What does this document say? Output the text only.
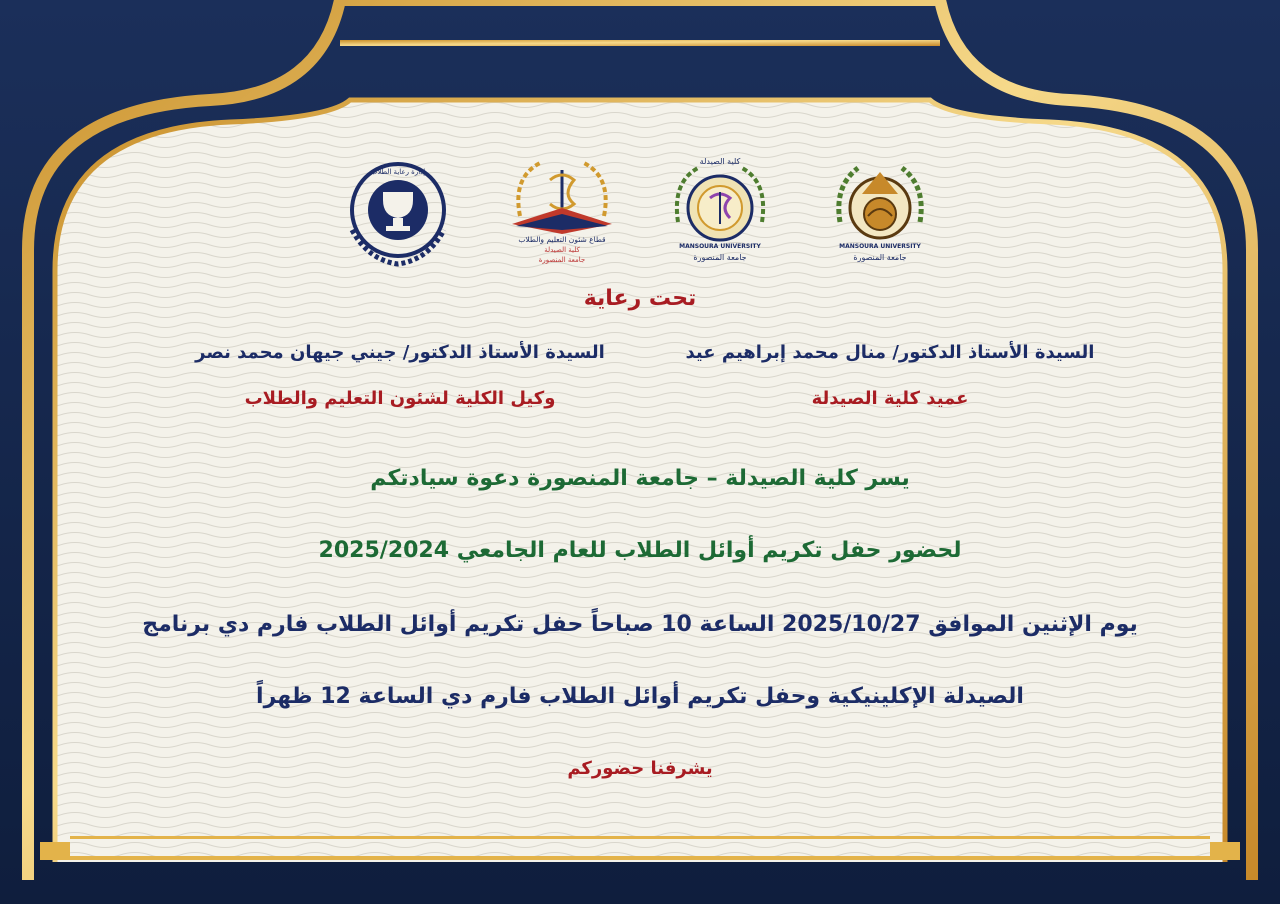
إدارة رعاية الطلاب
قطاع شئون التعليم والطلاب
كلية الصيدلة
جامعة المنصورة
كلية الصيدلة
MANSOURA UNIVERSITY
جامعة المنصورة
MANSOURA UNIVERSITY
جامعة المنصورة
تحت رعاية
السيدة الأستاذ الدكتور/ منال محمد إبراهيم عيد
عميد كلية الصيدلة
السيدة الأستاذ الدكتور/ جيني جيهان محمد نصر
وكيل الكلية لشئون التعليم والطلاب
يسر كلية الصيدلة – جامعة المنصورة دعوة سيادتكم
لحضور حفل تكريم أوائل الطلاب للعام الجامعي 2025/2024
يوم الإثنين الموافق 2025/10/27 الساعة 10 صباحاً حفل تكريم أوائل الطلاب فارم دي برنامج
الصيدلة الإكلينيكية وحفل تكريم أوائل الطلاب فارم دي الساعة 12 ظهراً
يشرفنا حضوركم
